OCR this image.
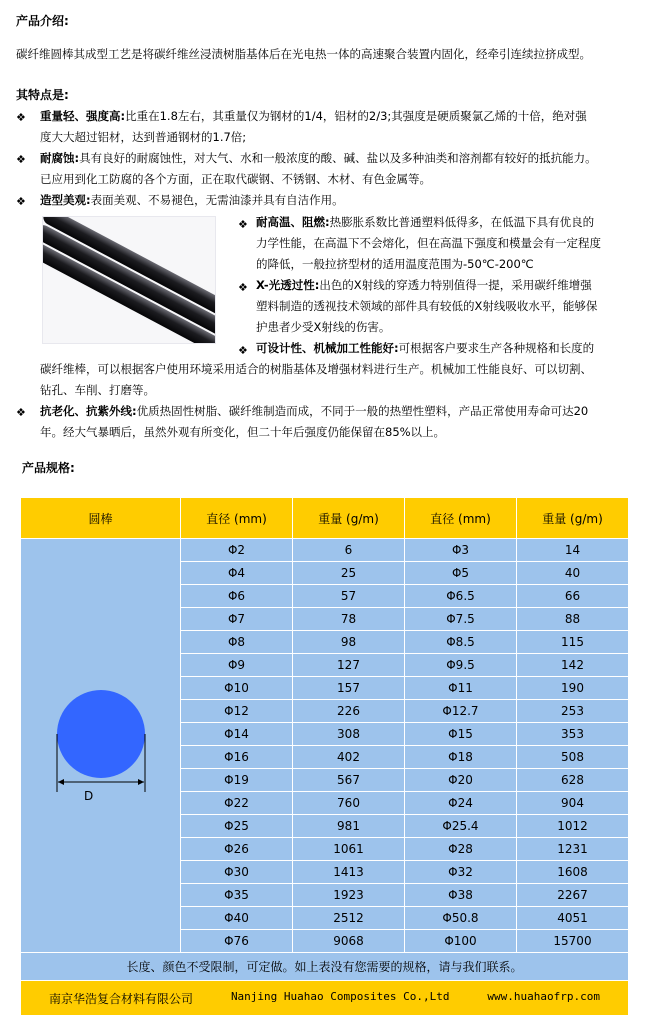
产品介绍:
碳纤维圆棒其成型工艺是将碳纤维丝浸渍树脂基体后在光电热一体的高速聚合装置内固化，经牵引连续拉挤成型。
其特点是:
❖ 重量轻、强度高:比重在1.8左右，其重量仅为钢材的1/4，铝材的2/3;其强度是硬质聚氯乙烯的十倍，绝对强
度大大超过铝材，达到普通钢材的1.7倍;
❖ 耐腐蚀:具有良好的耐腐蚀性，对大气、水和一般浓度的酸、碱、盐以及多种油类和溶剂都有较好的抵抗能力。
已应用到化工防腐的各个方面，正在取代碳钢、不锈钢、木材、有色金属等。
❖ 造型美观:表面美观、不易褪色，无需油漆并具有自洁作用。
❖ 耐高温、阻燃:热膨胀系数比普通塑料低得多，在低温下具有优良的
力学性能，在高温下不会熔化，但在高温下强度和模量会有一定程度
的降低，一般拉挤型材的适用温度范围为-50℃-200℃
❖ X-光透过性:出色的X射线的穿透力特别值得一提，采用碳纤维增强
塑料制造的透视技术领域的部件具有较低的X射线吸收水平，能够保
护患者少受X射线的伤害。
❖ 可设计性、机械加工性能好:可根据客户要求生产各种规格和长度的
碳纤维棒，可以根据客户使用环境采用适合的树脂基体及增强材料进行生产。机械加工性能良好、可以切割、
钻孔、车削、打磨等。
❖ 抗老化、抗紫外线:优质热固性树脂、碳纤维制造而成，不同于一般的热塑性塑料，产品正常使用寿命可达20
年。经大气暴晒后，虽然外观有所变化，但二十年后强度仍能保留在85%以上。
产品规格:
圆棒	直径 (mm)	重量 (g/m)	直径 (mm)	重量 (g/m)

D	Φ2	6	Φ3	14
	Φ4	25	Φ5	40
	Φ6	57	Φ6.5	66
	Φ7	78	Φ7.5	88
	Φ8	98	Φ8.5	115
	Φ9	127	Φ9.5	142
	Φ10	157	Φ11	190
	Φ12	226	Φ12.7	253
	Φ14	308	Φ15	353
	Φ16	402	Φ18	508
	Φ19	567	Φ20	628
	Φ22	760	Φ24	904
	Φ25	981	Φ25.4	1012
	Φ26	1061	Φ28	1231
	Φ30	1413	Φ32	1608
	Φ35	1923	Φ38	2267
	Φ40	2512	Φ50.8	4051
	Φ76	9068	Φ100	15700
长度、颜色不受限制，可定做。如上表没有您需要的规格，请与我们联系。				

南京华浩复合材料有限公司 Nanjing Huahao Composites Co.,Ltd www.huahaofrp.com				
